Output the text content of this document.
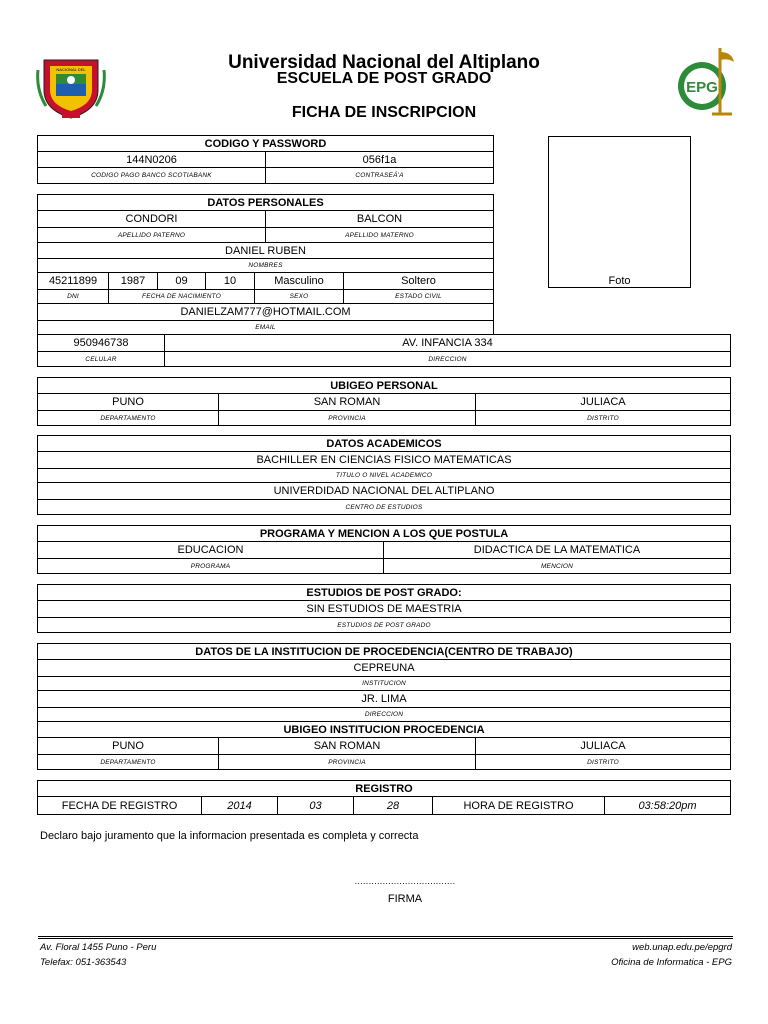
NACIONAL DEL
EPG
Universidad Nacional del Altiplano
ESCUELA DE POST GRADO
FICHA DE INSCRIPCION
Foto
CODIGO Y PASSWORD
144N0206	056f1a
CODIGO PAGO BANCO SCOTIABANK	CONTRASEÁ'A
DATOS PERSONALES
CONDORI	BALCON
APELLIDO PATERNO	APELLIDO MATERNO
DANIEL RUBEN
NOMBRES
45211899	1987	09	10	Masculino	Soltero
DNI	FECHA DE NACIMIENTO	SEXO	ESTADO CIVIL
DANIELZAM777@HOTMAIL.COM
EMAIL
950946738	AV. INFANCIA 334
CELULAR	DIRECCION
UBIGEO PERSONAL
PUNO	SAN ROMAN	JULIACA
DEPARTAMENTO	PROVINCIA	DISTRITO
DATOS ACADEMICOS
BACHILLER EN CIENCIAS FISICO MATEMATICAS
TITULO O NIVEL ACADEMICO
UNIVERDIDAD NACIONAL DEL ALTIPLANO
CENTRO DE ESTUDIOS
PROGRAMA Y MENCION A LOS QUE POSTULA
EDUCACION	DIDACTICA DE LA MATEMATICA
PROGRAMA	MENCION
ESTUDIOS DE POST GRADO:
SIN ESTUDIOS DE MAESTRIA
ESTUDIOS DE POST GRADO
DATOS DE LA INSTITUCION DE PROCEDENCIA(CENTRO DE TRABAJO)
CEPREUNA
INSTITUCION
JR. LIMA
DIRECCION
UBIGEO INSTITUCION PROCEDENCIA
PUNO	SAN ROMAN	JULIACA
DEPARTAMENTO	PROVINCIA	DISTRITO
REGISTRO
FECHA DE REGISTRO	2014	03	28	HORA DE REGISTRO	03:58:20pm
Declaro bajo juramento que la informacion presentada es completa y correcta
....................................
FIRMA
Av. Floral 1455 Puno - Peru
Telefax: 051-363543
web.unap.edu.pe/epgrd
Oficina de Informatica - EPG
